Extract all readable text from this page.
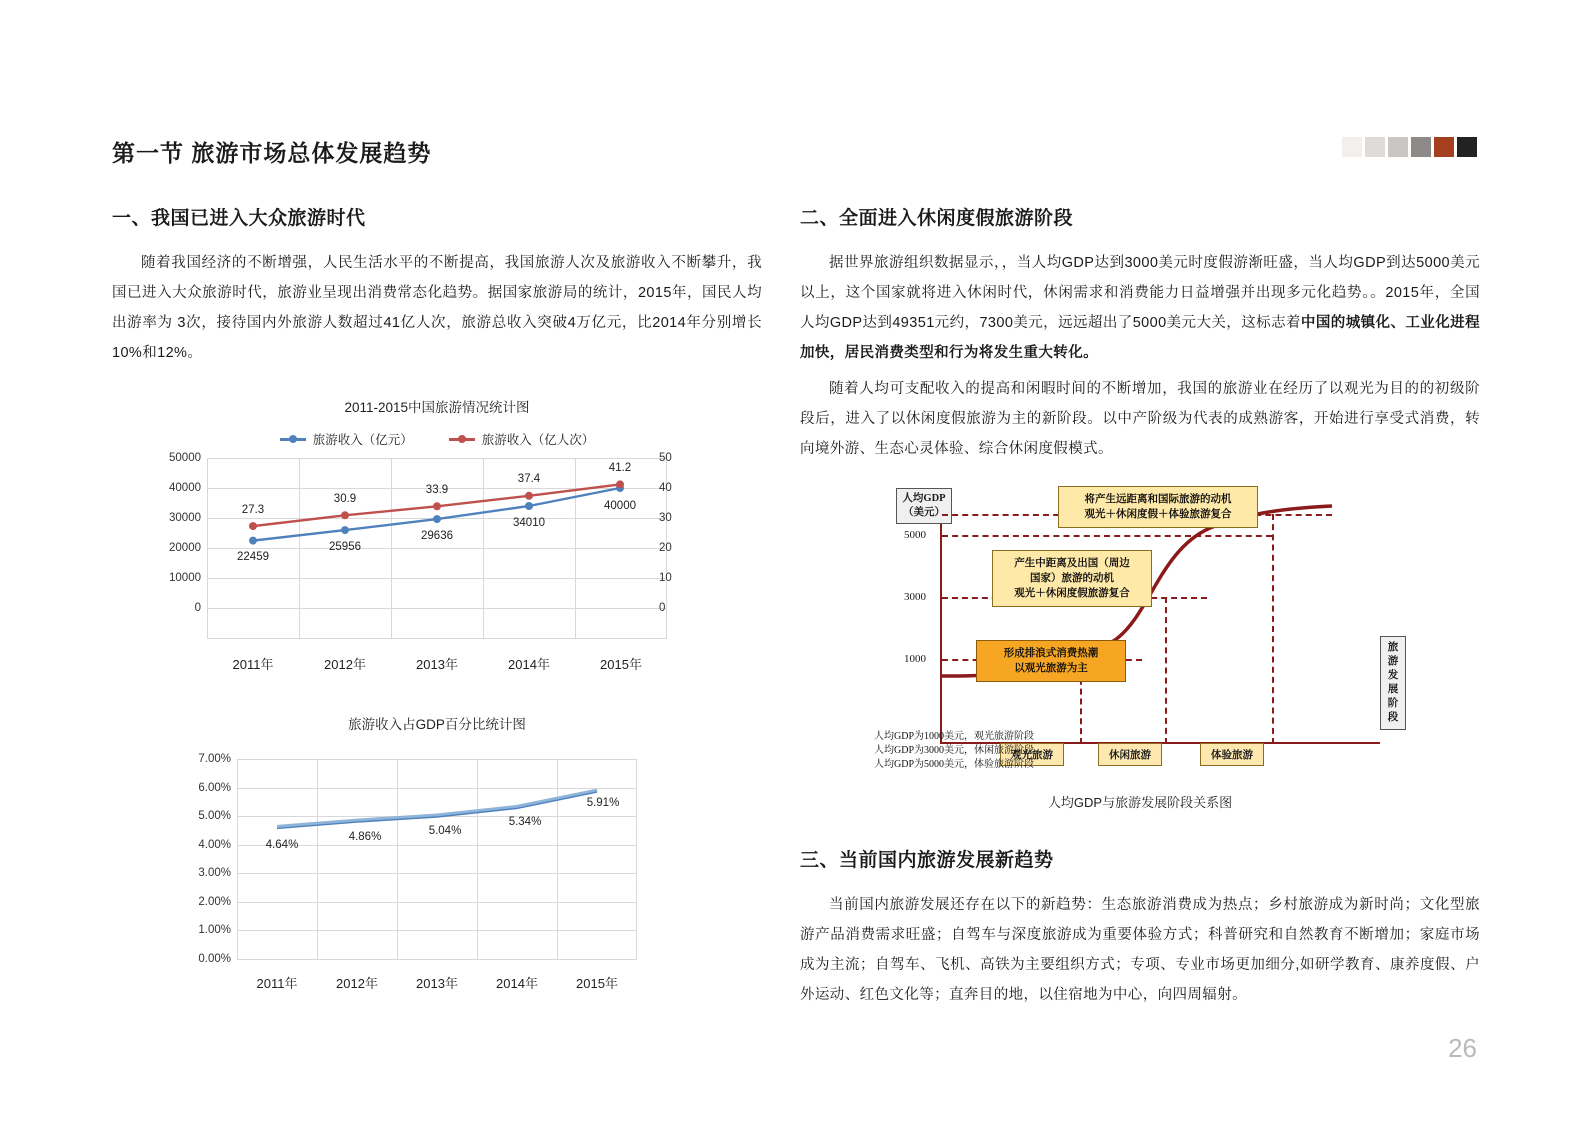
第一节 旅游市场总体发展趋势
一、我国已进入大众旅游时代

随着我国经济的不断增强，人民生活水平的不断提高，我国旅游人次及旅游收入不断攀升，我国已进入大众旅游时代，旅游业呈现出消费常态化趋势。据国家旅游局的统计，2015年，国民人均出游率为 3次，接待国内外旅游人数超过41亿人次，旅游总收入突破4万亿元，比2014年分别增长10%和12%。

2011-2015中国旅游情况统计图
旅游收入（亿元）	旅游收入（亿人次）
50000
40000
30000
20000
10000
0
50
40
30
20
10
0
27.3
30.9
33.9
37.4
41.2
22459
25956
29636
34010
40000
2011年	2012年	2013年	2014年	2015年
旅游收入占GDP百分比统计图
7.00%
6.00%
5.00%
4.00%
3.00%
2.00%
1.00%
0.00%
4.64%
4.86%	5.04%
5.34%
5.91%
2011年	2012年	2013年	2014年	2015年
二、全面进入休闲度假旅游阶段

据世界旅游组织数据显示，，当人均GDP达到3000美元时度假游渐旺盛，当人均GDP到达5000美元以上，这个国家就将进入休闲时代，休闲需求和消费能力日益增强并出现多元化趋势。。2015年，全国人均GDP达到49351元约，7300美元，远远超出了5000美元大关，这标志着中国的城镇化、工业化进程加快，居民消费类型和行为将发生重大转化。

随着人均可支配收入的提高和闲暇时间的不断增加，我国的旅游业在经历了以观光为目的的初级阶段后，进入了以休闲度假旅游为主的新阶段。以中产阶级为代表的成熟游客，开始进行享受式消费，转向境外游、生态心灵体验、综合休闲度假模式。

人均GDP
（美元）
旅游发
展阶段
5000
3000
1000
将产生远距离和国际旅游的动机
观光＋休闲度假＋体验旅游复合
产生中距离及出国（周边
国家）旅游的动机
观光＋休闲度假旅游复合
形成排浪式消费热潮
以观光旅游为主
观光旅游	休闲旅游	体验旅游
人均GDP为1000美元，观光旅游阶段
人均GDP为3000美元，休闲旅游阶段
人均GDP为5000美元，体验旅游阶段
人均GDP与旅游发展阶段关系图
三、当前国内旅游发展新趋势

当前国内旅游发展还存在以下的新趋势：生态旅游消费成为热点；乡村旅游成为新时尚；文化型旅游产品消费需求旺盛；自驾车与深度旅游成为重要体验方式；科普研究和自然教育不断增加；家庭市场成为主流；自驾车、飞机、高铁为主要组织方式；专项、专业市场更加细分,如研学教育、康养度假、户外运动、红色文化等；直奔目的地，以住宿地为中心，向四周辐射。

26
